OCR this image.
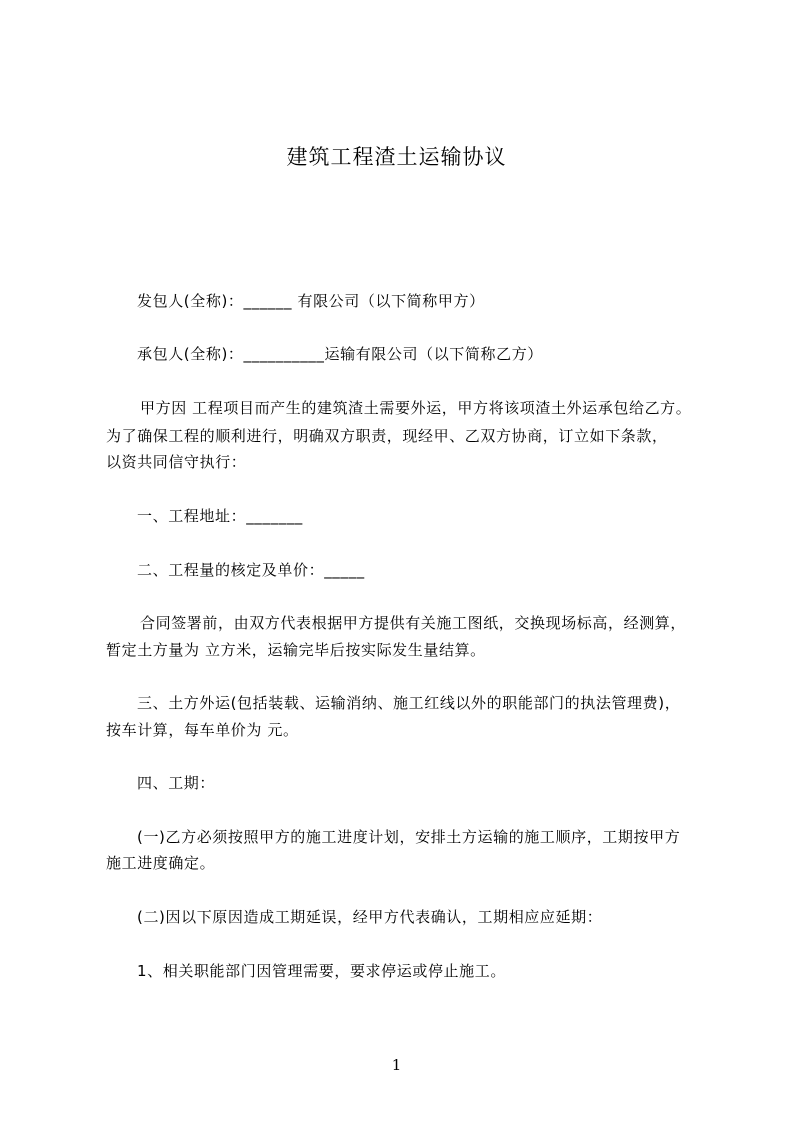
建筑工程渣土运输协议

发包人(全称)：______ 有限公司（以下简称甲方）

承包人(全称)：__________运输有限公司（以下简称乙方）

甲方因 工程项目而产生的建筑渣土需要外运，甲方将该项渣土外运承包给乙方。

为了确保工程的顺利进行，明确双方职责，现经甲、乙双方协商，订立如下条款，

以资共同信守执行：

一、工程地址：_______

二、工程量的核定及单价：_____

合同签署前，由双方代表根据甲方提供有关施工图纸，交换现场标高，经测算，

暂定土方量为 立方米，运输完毕后按实际发生量结算。

三、土方外运(包括装载、运输消纳、施工红线以外的职能部门的执法管理费)，

按车计算，每车单价为 元。

四、工期：

(一)乙方必须按照甲方的施工进度计划，安排土方运输的施工顺序，工期按甲方

施工进度确定。

(二)因以下原因造成工期延误，经甲方代表确认，工期相应应延期：

1、相关职能部门因管理需要，要求停运或停止施工。

1
